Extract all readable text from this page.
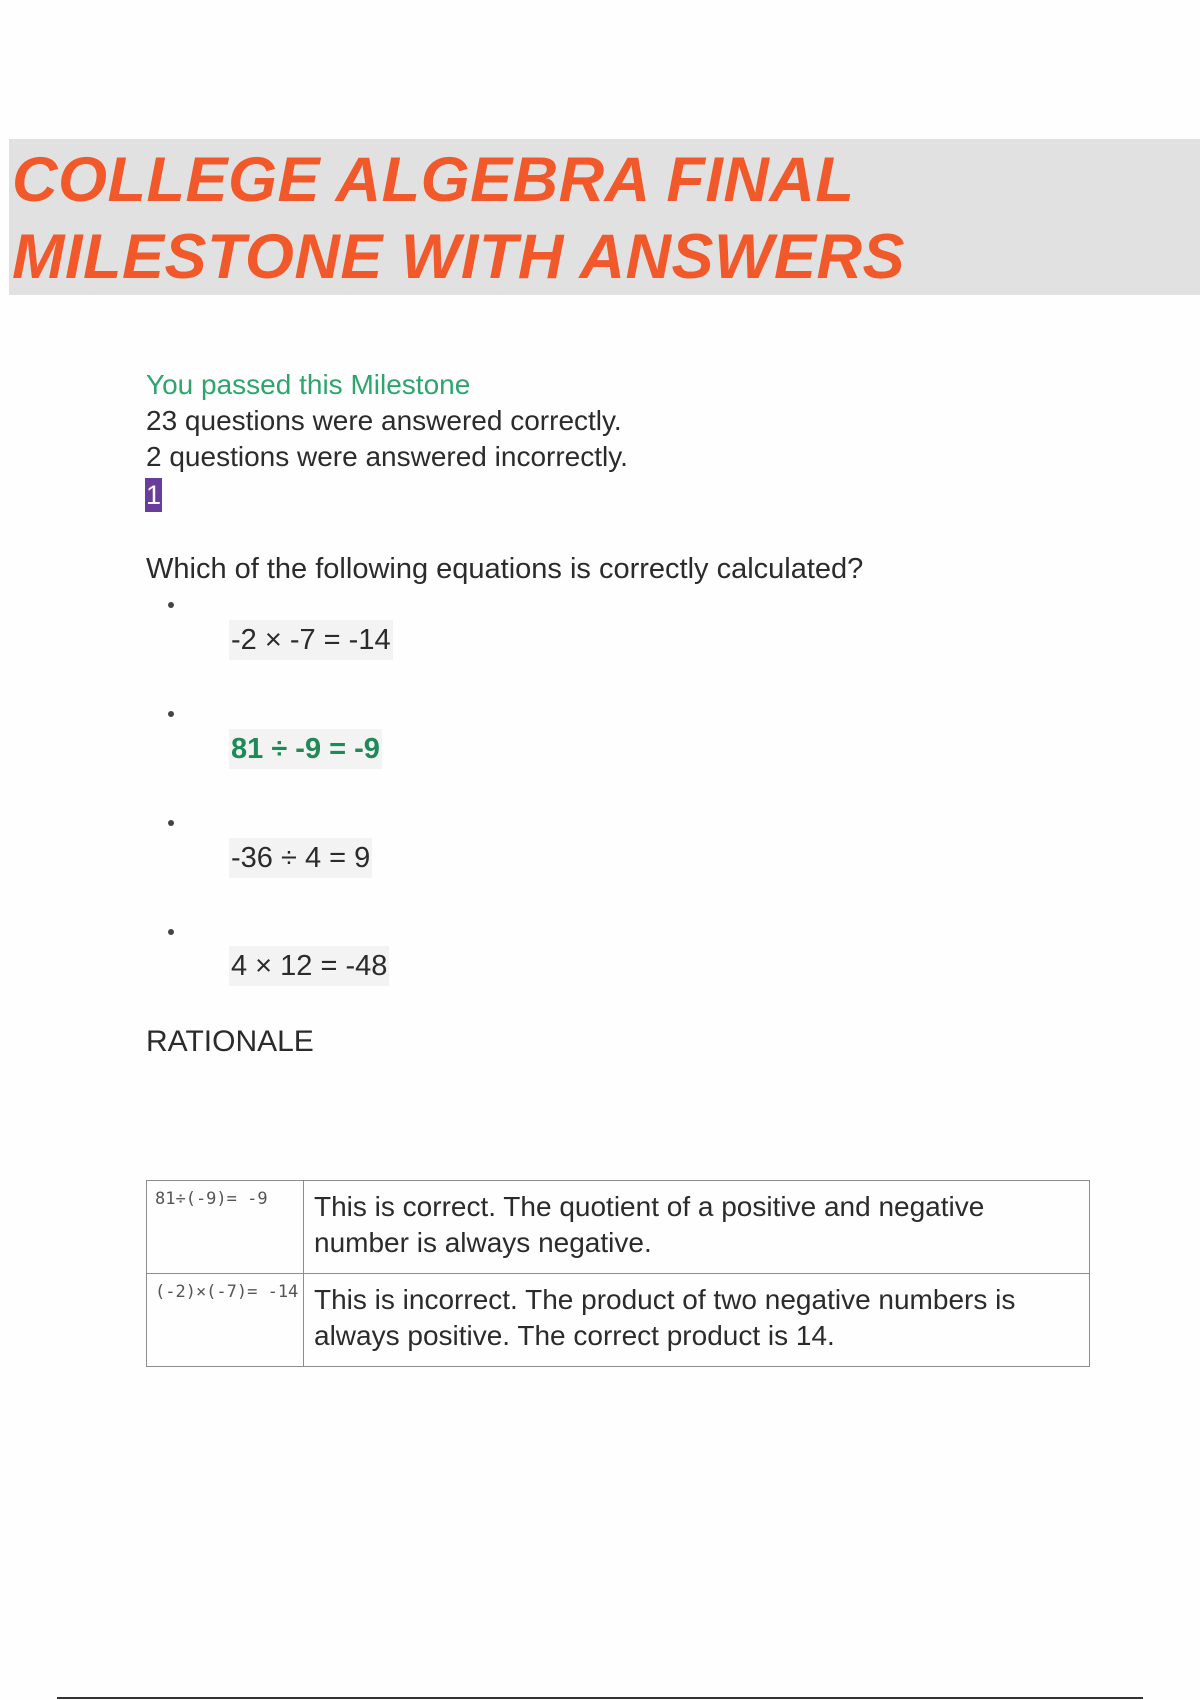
COLLEGE ALGEBRA FINAL
MILESTONE WITH ANSWERS
You passed this Milestone
23 questions were answered correctly.
2 questions were answered incorrectly.
1
Which of the following equations is correctly calculated?
-2 × -7 = -14
81 ÷ -9 = -9
-36 ÷ 4 = 9
4 × 12 = -48
RATIONALE
81÷(-9)= -9	This is correct. The quotient of a positive and negative number is always negative.
(-2)×(-7)= -14	This is incorrect. The product of two negative numbers is always positive. The correct product is 14.
